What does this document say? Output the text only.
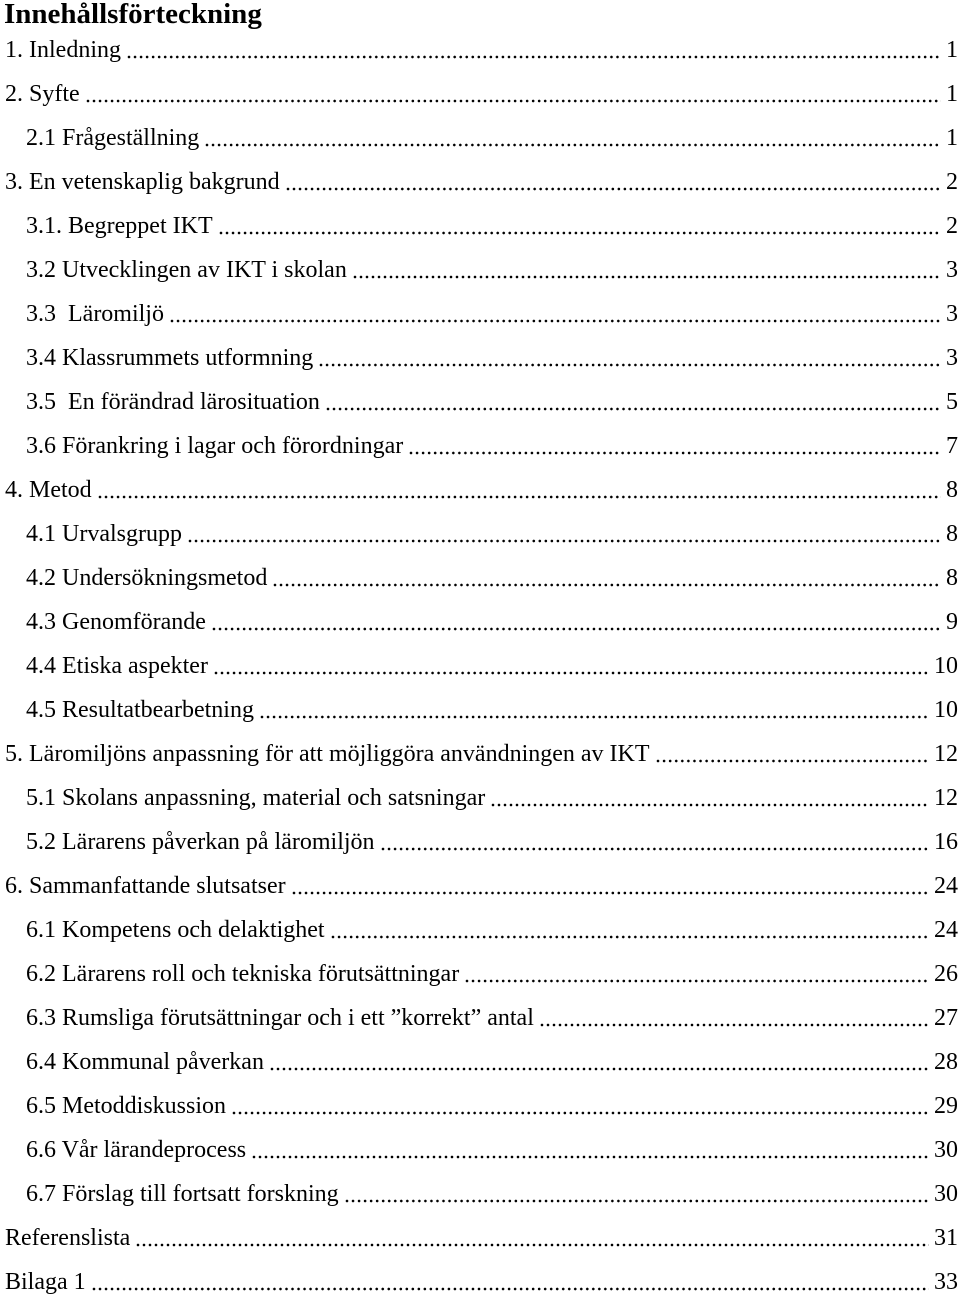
Innehållsförteckning
1. Inledning	1
2. Syfte	1
2.1 Frågeställning	1
3. En vetenskaplig bakgrund	2
3.1. Begreppet IKT	2
3.2 Utvecklingen av IKT i skolan	3
3.3  Läromiljö	3
3.4 Klassrummets utformning	3
3.5  En förändrad lärosituation	5
3.6 Förankring i lagar och förordningar	7
4. Metod	8
4.1 Urvalsgrupp	8
4.2 Undersökningsmetod	8
4.3 Genomförande	9
4.4 Etiska aspekter	10
4.5 Resultatbearbetning	10
5. Läromiljöns anpassning för att möjliggöra användningen av IKT	12
5.1 Skolans anpassning, material och satsningar	12
5.2 Lärarens påverkan på läromiljön	16
6. Sammanfattande slutsatser	24
6.1 Kompetens och delaktighet	24
6.2 Lärarens roll och tekniska förutsättningar	26
6.3 Rumsliga förutsättningar och i ett ”korrekt” antal	27
6.4 Kommunal påverkan	28
6.5 Metoddiskussion	29
6.6 Vår lärandeprocess	30
6.7 Förslag till fortsatt forskning	30
Referenslista	31
Bilaga 1	33
